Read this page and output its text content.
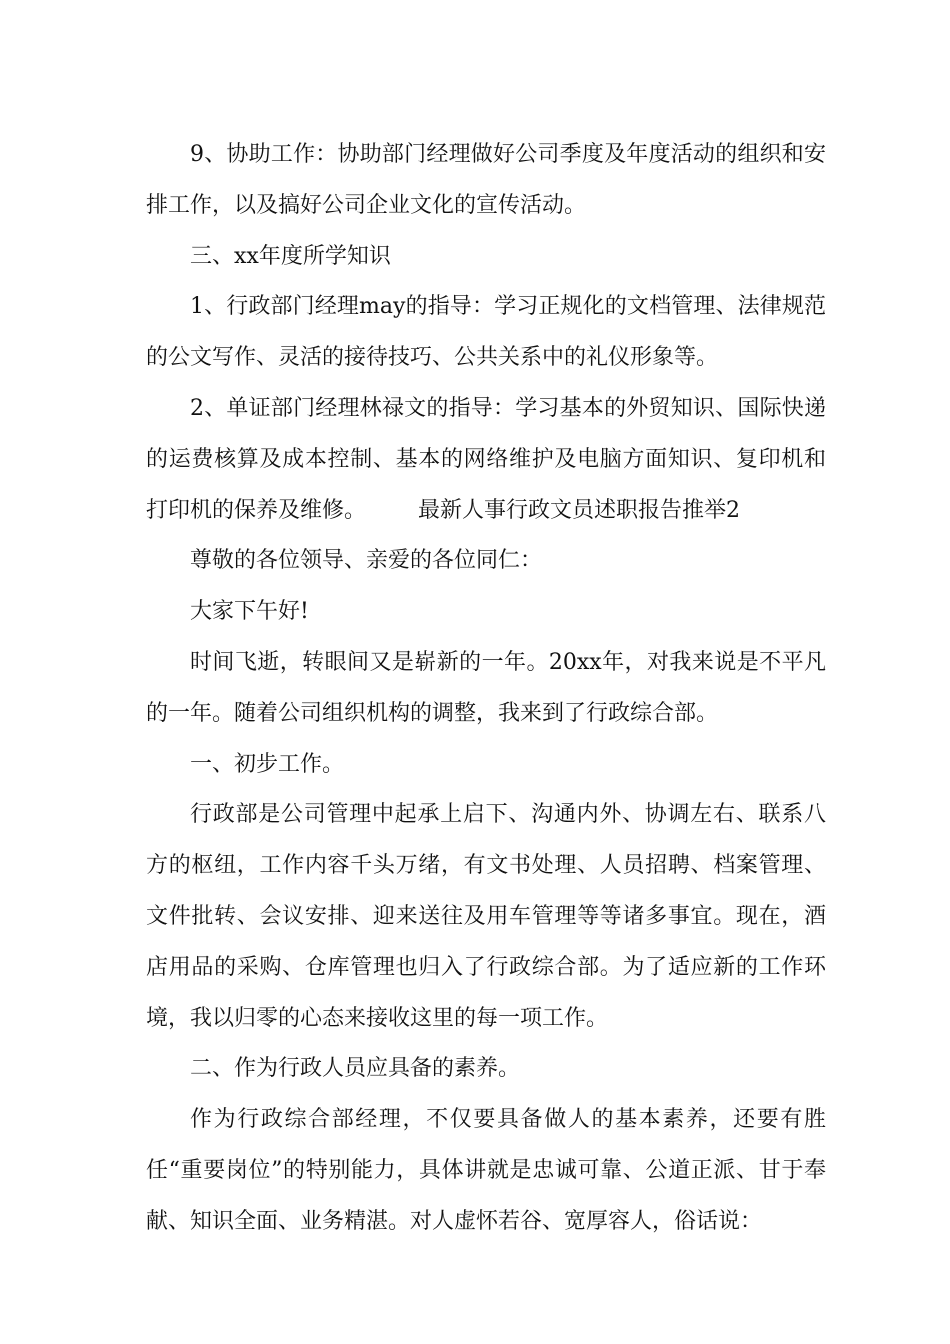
9、协助工作：协助部门经理做好公司季度及年度活动的组织和安排工作，以及搞好公司企业文化的宣传活动。

三、xx年度所学知识

1、行政部门经理may的指导：学习正规化的文档管理、法律规范的公文写作、灵活的接待技巧、公共关系中的礼仪形象等。

2、单证部门经理林禄文的指导：学习基本的外贸知识、国际快递的运费核算及成本控制、基本的网络维护及电脑方面知识、复印机和打印机的保养及维修。 最新人事行政文员述职报告推举2

尊敬的各位领导、亲爱的各位同仁：

大家下午好!

时间飞逝，转眼间又是崭新的一年。20xx年，对我来说是不平凡的一年。随着公司组织机构的调整，我来到了行政综合部。

一、初步工作。

行政部是公司管理中起承上启下、沟通内外、协调左右、联系八方的枢纽，工作内容千头万绪，有文书处理、人员招聘、档案管理、文件批转、会议安排、迎来送往及用车管理等等诸多事宜。现在，酒店用品的采购、仓库管理也归入了行政综合部。为了适应新的工作环境，我以归零的心态来接收这里的每一项工作。

二、作为行政人员应具备的素养。

作为行政综合部经理，不仅要具备做人的基本素养，还要有胜任“重要岗位”的特别能力，具体讲就是忠诚可靠、公道正派、甘于奉献、知识全面、业务精湛。对人虚怀若谷、宽厚容人，俗话说：
